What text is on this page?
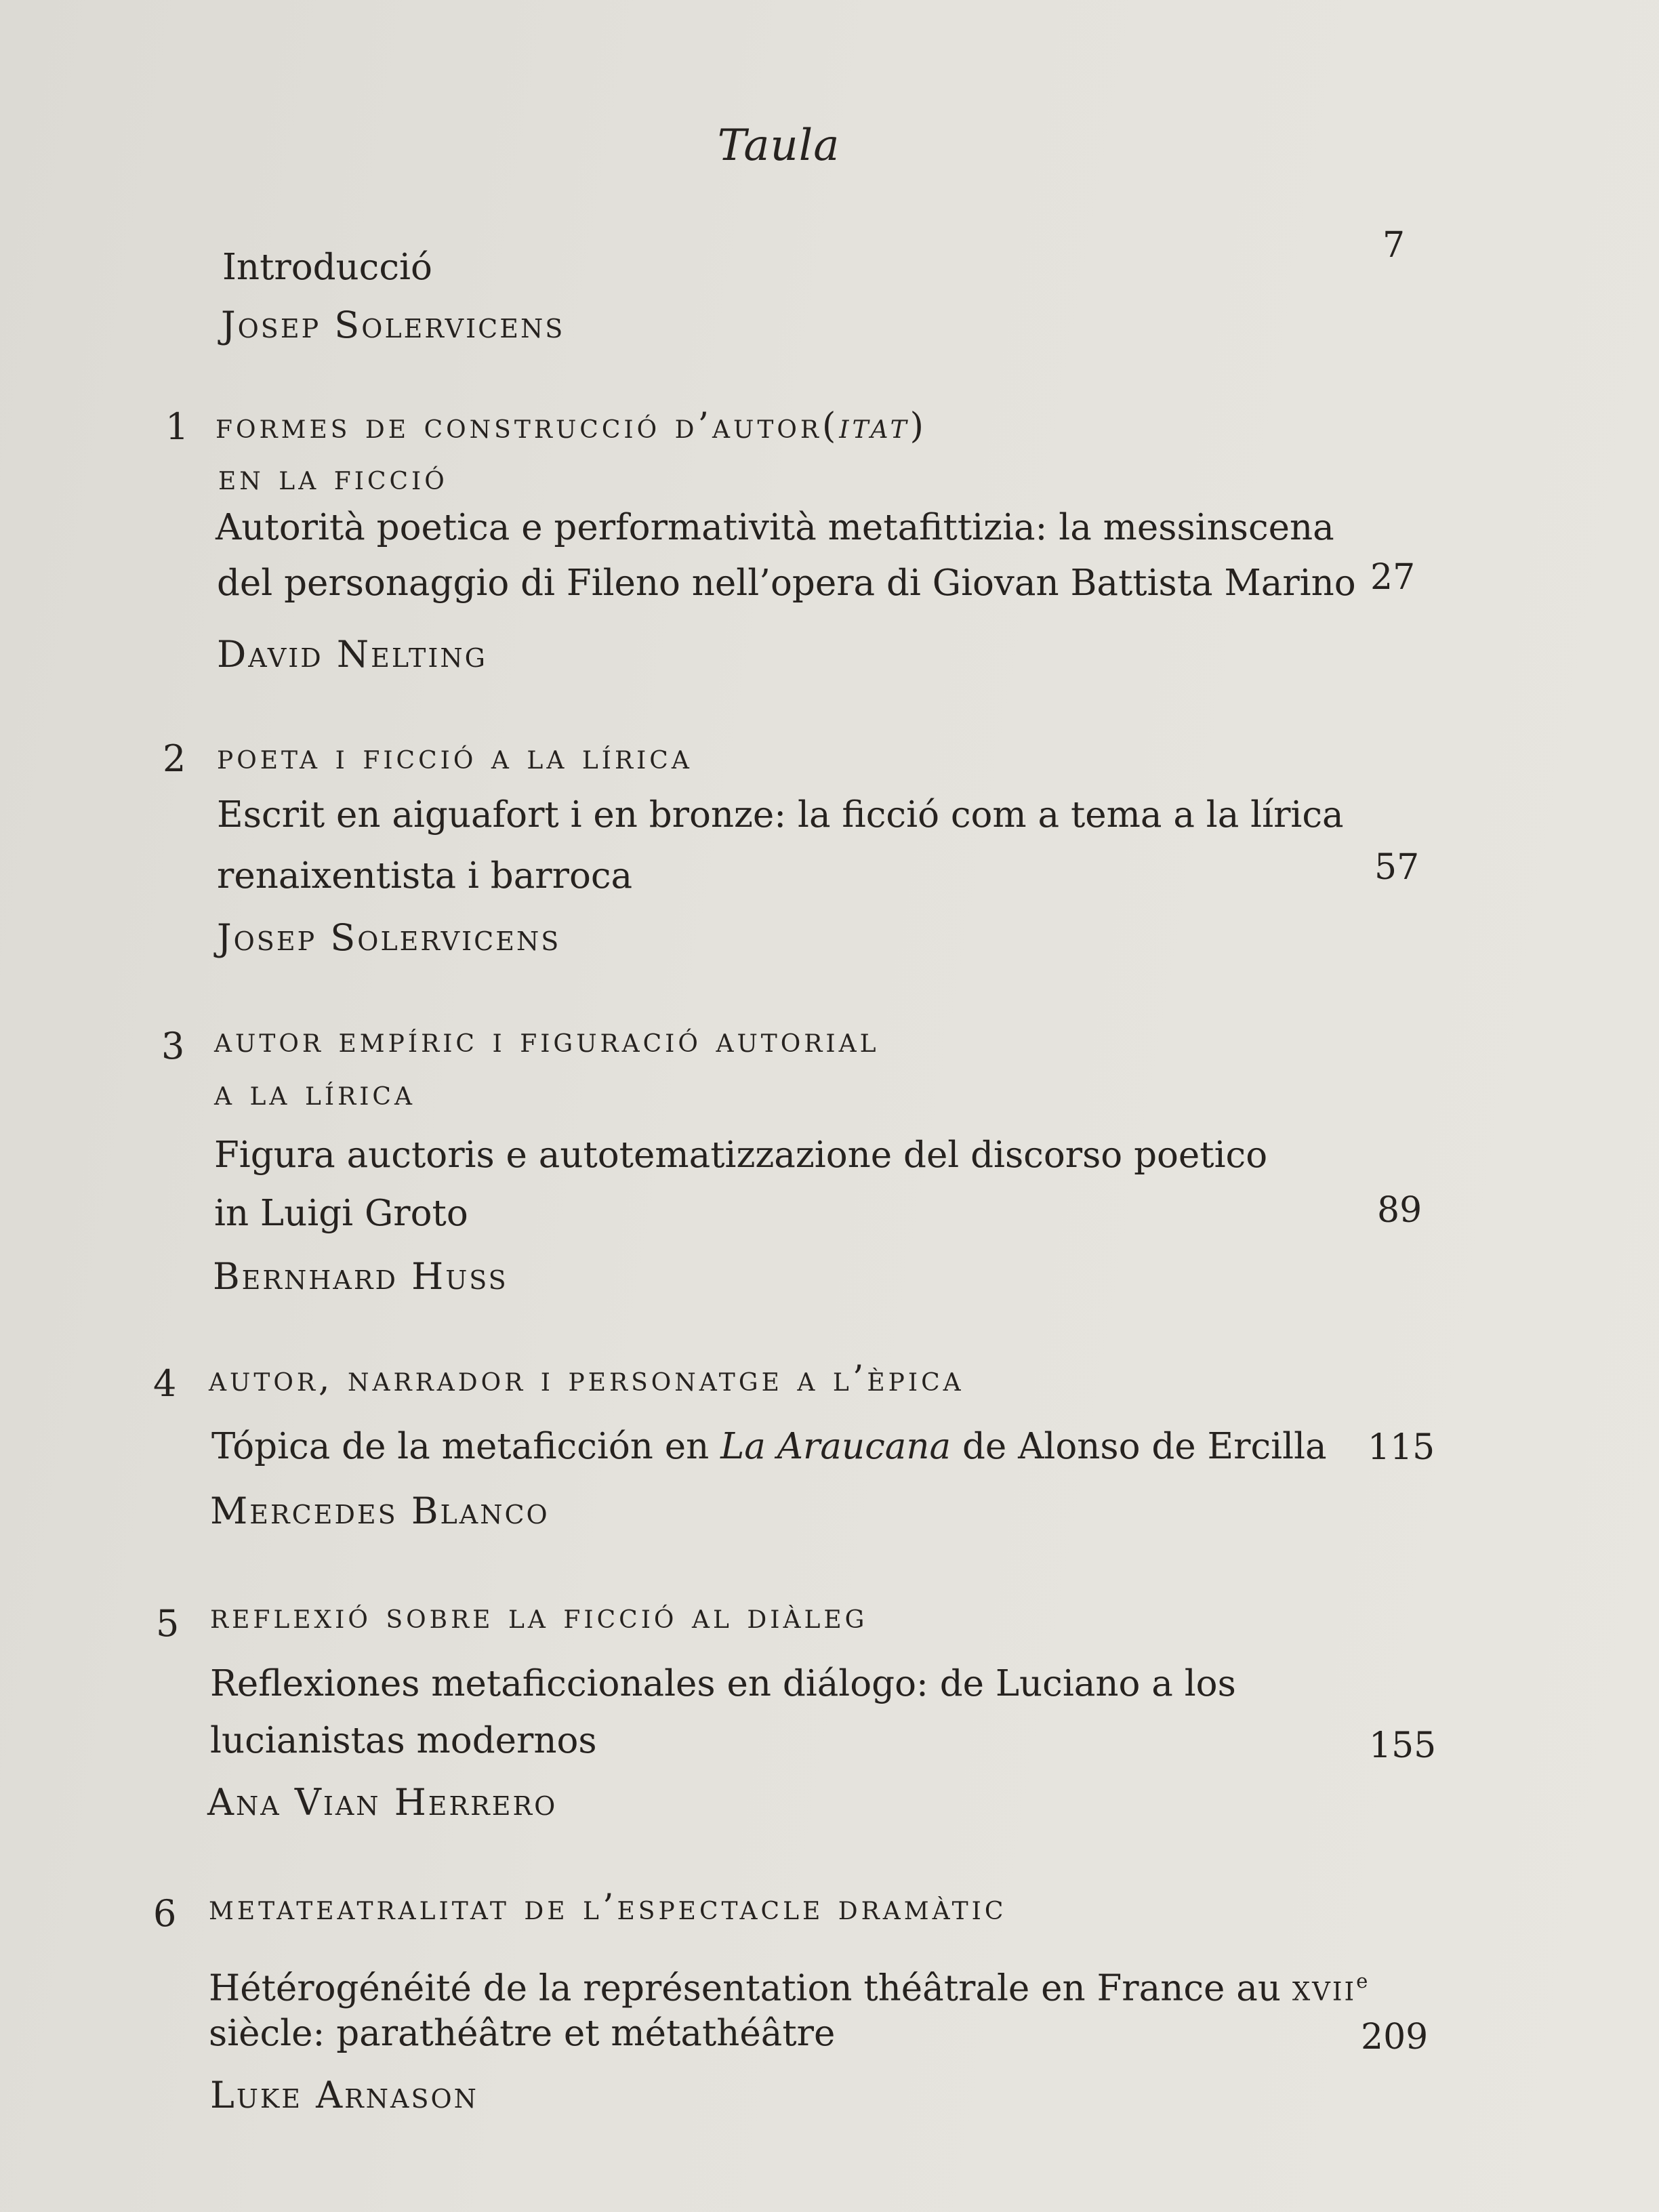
Taula
Introducció
Josep Solervicens
7
1 formes de construcció d’autor(itat)
en la ficció
Autorità poetica e performatività metafittizia: la messinscena
del personaggio di Fileno nell’opera di Giovan Battista Marino
David Nelting
27
2 poeta i ficció a la lírica
Escrit en aiguafort i en bronze: la ficció com a tema a la lírica
renaixentista i barroca
Josep Solervicens
57
3 autor empíric i figuració autorial
a la lírica
Figura auctoris e autotematizzazione del discorso poetico
in Luigi Groto
Bernhard Huss
89
4 autor, narrador i personatge a l’èpica
Tópica de la metaficción en La Araucana de Alonso de Ercilla
Mercedes Blanco
115
5 reflexió sobre la ficció al diàleg
Reflexiones metaficcionales en diálogo: de Luciano a los
lucianistas modernos
Ana Vian Herrero
155
6 metateatralitat de l’espectacle dramàtic
Hétérogénéité de la représentation théâtrale en France au xvii$^e$
siècle: parathéâtre et métathéâtre
Luke Arnason
209
